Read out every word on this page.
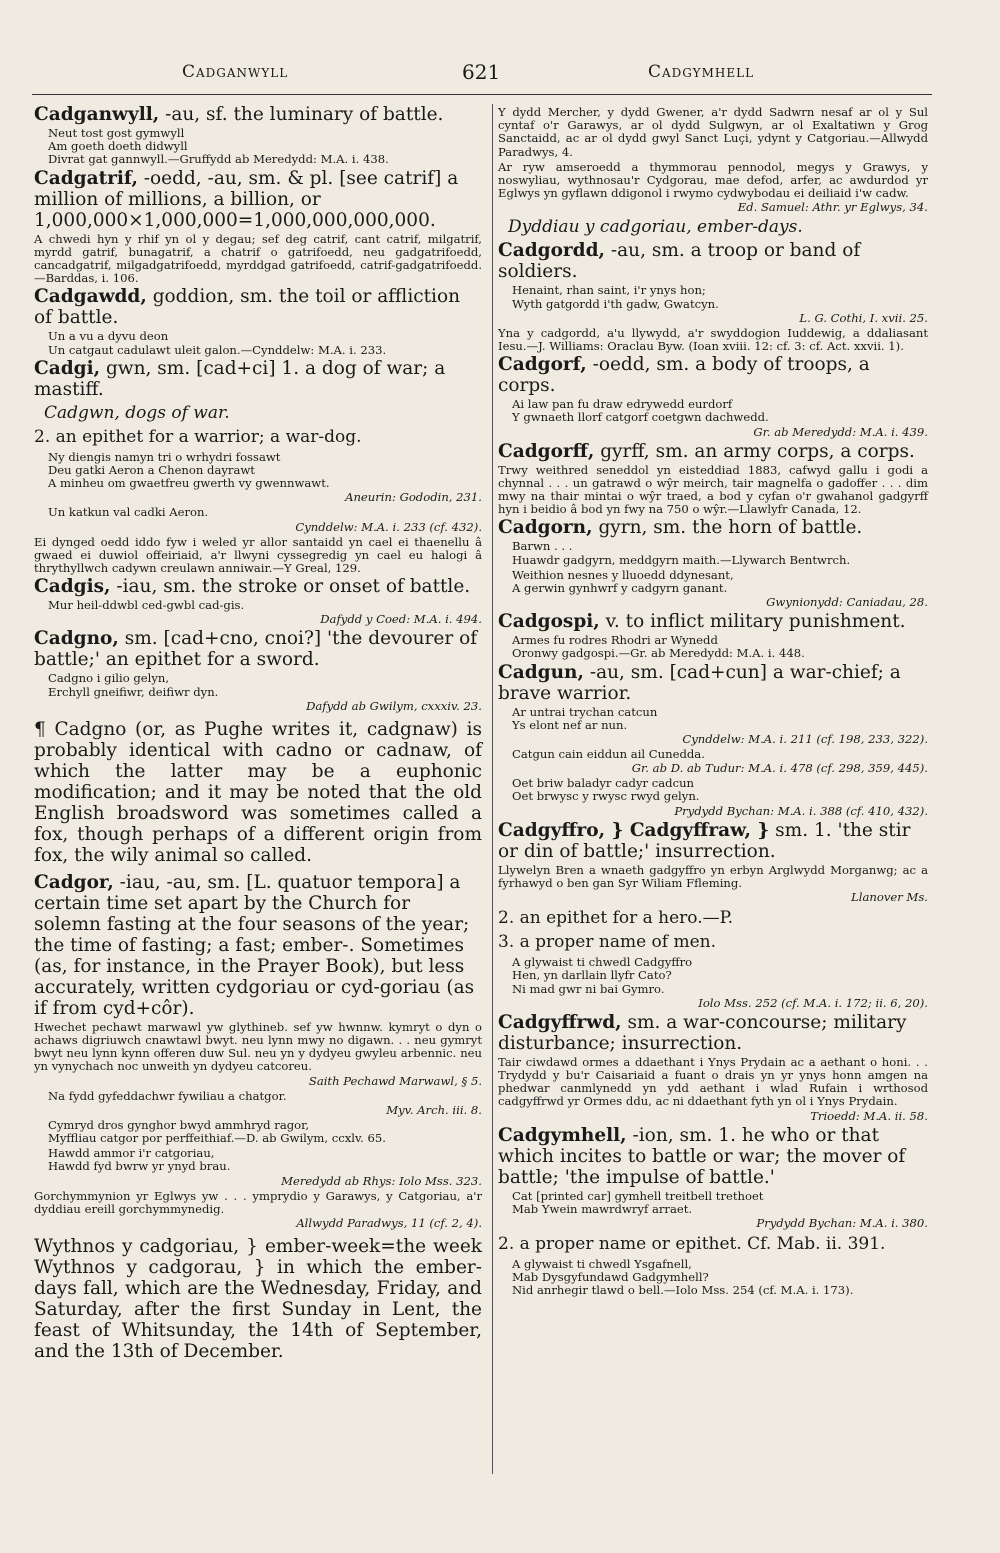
Cadganwyll	621	Cadgymhell

Cadganwyll, -au, sf. the luminary of battle.

Neut tost gost gymwyll
Am goeth doeth didwyll
Divrat gat gannwyll.—Gruffydd ab Meredydd: M.A. i. 438.

Cadgatrif, -oedd, -au, sm. & pl. [see catrif] a million of millions, a billion, or 1,000,000×1,000,000=1,000,000,000,000.

A chwedi hyn y rhif yn ol y degau; sef deg catrif, cant catrif, milgatrif, myrdd gatrif, bunagatrif, a chatrif o gatrifoedd, neu gadgatrifoedd, cancadgatrif, milgadgatrifoedd, myrddgad gatrifoedd, catrif-gadgatrifoedd.—Barddas, i. 106.

Cadgawdd, goddion, sm. the toil or affliction of battle.

Un a vu a dyvu deon
Un catgaut cadulawt uleit galon.—Cynddelw: M.A. i. 233.

Cadgi, gwn, sm. [cad+ci] 1. a dog of war; a mastiff.

Cadgwn, dogs of war.

2. an epithet for a warrior; a war-dog.

Ny diengis namyn tri o wrhydri fossawt
Deu gatki Aeron a Chenon dayrawt
A minheu om gwaetfreu gwerth vy gwennwawt.
Aneurin: Gododin, 231.
Un katkun val cadki Aeron.
Cynddelw: M.A. i. 233 (cf. 432).

Ei dynged oedd iddo fyw i weled yr allor santaidd yn cael ei thaenellu â gwaed ei duwiol offeiriaid, a'r llwyni cyssegredig yn cael eu halogi â thrythyllwch cadywn creulawn anniwair.—Y Greal, 129.

Cadgis, -iau, sm. the stroke or onset of battle.

Mur heil-ddwbl ced-gwbl cad-gis.
Dafydd y Coed: M.A. i. 494.

Cadgno, sm. [cad+cno, cnoi?] 'the devourer of battle;' an epithet for a sword.

Cadgno i gilio gelyn,
Erchyll gneifiwr, deifiwr dyn.
Dafydd ab Gwilym, cxxxiv. 23.

¶ Cadgno (or, as Pughe writes it, cadgnaw) is probably identical with cadno or cadnaw, of which the latter may be a euphonic modification; and it may be noted that the old English broadsword was sometimes called a fox, though perhaps of a different origin from fox, the wily animal so called.

Cadgor, -iau, -au, sm. [L. quatuor tempora] a certain time set apart by the Church for solemn fasting at the four seasons of the year; the time of fasting; a fast; ember-. Sometimes (as, for instance, in the Prayer Book), but less accurately, written cydgoriau or cyd-goriau (as if from cyd+côr).

Hwechet pechawt marwawl yw glythineb. sef yw hwnnw. kymryt o dyn o achaws digriuwch cnawtawl bwyt. neu lynn mwy no digawn. . . neu gymryt bwyt neu lynn kynn offeren duw Sul. neu yn y dydyeu gwyleu arbennic. neu yn vynychach noc unweith yn dydyeu catcoreu.

Saith Pechawd Marwawl, § 5.
Na fydd gyfeddachwr fywiliau a chatgor.
Myv. Arch. iii. 8.
Cymryd dros gynghor bwyd ammhryd ragor,
Myffliau catgor por perffeithiaf.—D. ab Gwilym, ccxlv. 65.
Hawdd ammor i'r catgoriau,
Hawdd fyd bwrw yr ynyd brau.
Meredydd ab Rhys: Iolo Mss. 323.

Gorchymmynion yr Eglwys yw . . . ymprydio y Garawys, y Catgoriau, a'r dyddiau ereill gorchymmynedig.

Allwydd Paradwys, 11 (cf. 2, 4).

Wythnos y cadgoriau, } ember-week=the week Wythnos y cadgorau, } in which the ember-days fall, which are the Wednesday, Friday, and Saturday, after the first Sunday in Lent, the feast of Whitsunday, the 14th of September, and the 13th of December.

Y dydd Mercher, y dydd Gwener, a'r dydd Sadwrn nesaf ar ol y Sul cyntaf o'r Garawys, ar ol dydd Sulgwyn, ar ol Exaltatiwn y Grog Sanctaidd, ac ar ol dydd gwyl Sanct Luçi, ydynt y Catgoriau.—Allwydd Paradwys, 4.

Ar ryw amseroedd a thymmorau pennodol, megys y Grawys, y noswyliau, wythnosau'r Cydgorau, mae defod, arfer, ac awdurdod yr Eglwys yn gyflawn ddigonol i rwymo cydwybodau ei deiliaid i'w cadw.

Ed. Samuel: Athr. yr Eglwys, 34.

Dyddiau y cadgoriau, ember-days.

Cadgordd, -au, sm. a troop or band of soldiers.

Henaint, rhan saint, i'r ynys hon;
Wyth gatgordd i'th gadw, Gwatcyn.
L. G. Cothi, I. xvii. 25.

Yna y cadgordd, a'u llywydd, a'r swyddogion Iuddewig, a ddaliasant Iesu.—J. Williams: Oraclau Byw. (Ioan xviii. 12: cf. 3: cf. Act. xxvii. 1).

Cadgorf, -oedd, sm. a body of troops, a corps.

Ai law pan fu draw edrywedd eurdorf
Y gwnaeth llorf catgorf coetgwn dachwedd.
Gr. ab Meredydd: M.A. i. 439.

Cadgorff, gyrff, sm. an army corps, a corps.

Trwy weithred seneddol yn eisteddiad 1883, cafwyd gallu i godi a chynnal . . . un gatrawd o wŷr meirch, tair magnelfa o gadoffer . . . dim mwy na thair mintai o wŷr traed, a bod y cyfan o'r gwahanol gadgyrff hyn i beidio â bod yn fwy na 750 o wŷr.—Llawlyfr Canada, 12.

Cadgorn, gyrn, sm. the horn of battle.

Barwn . . .
Huawdr gadgyrn, meddgyrn maith.—Llywarch Bentwrch.
Weithion nesnes y lluoedd ddynesant,
A gerwin gynhwrf y cadgyrn ganant.
Gwynionydd: Caniadau, 28.

Cadgospi, v. to inflict military punishment.

Armes fu rodres Rhodri ar Wynedd
Oronwy gadgospi.—Gr. ab Meredydd: M.A. i. 448.

Cadgun, -au, sm. [cad+cun] a war-chief; a brave warrior.

Ar untrai trychan catcun
Ys elont nef ar nun.
Cynddelw: M.A. i. 211 (cf. 198, 233, 322).
Catgun cain eiddun ail Cunedda.
Gr. ab D. ab Tudur: M.A. i. 478 (cf. 298, 359, 445).
Oet briw baladyr cadyr cadcun
Oet brwysc y rwysc rwyd gelyn.
Prydydd Bychan: M.A. i. 388 (cf. 410, 432).

Cadgyffro, } Cadgyffraw, } sm. 1. 'the stir or din of battle;' insurrection.

Llywelyn Bren a wnaeth gadgyffro yn erbyn Arglwydd Morganwg; ac a fyrhawyd o ben gan Syr Wiliam Ffleming.

Llanover Ms.

2. an epithet for a hero.—P.

3. a proper name of men.

A glywaist ti chwedl Cadgyffro
Hen, yn darllain llyfr Cato?
Ni mad gwr ni bai Gymro.
Iolo Mss. 252 (cf. M.A. i. 172; ii. 6, 20).

Cadgyffrwd, sm. a war-concourse; military disturbance; insurrection.

Tair ciwdawd ormes a ddaethant i Ynys Prydain ac a aethant o honi. . . Trydydd y bu'r Caisariaid a fuant o drais yn yr ynys honn amgen na phedwar canmlynedd yn ydd aethant i wlad Rufain i wrthosod cadgyffrwd yr Ormes ddu, ac ni ddaethant fyth yn ol i Ynys Prydain.

Trioedd: M.A. ii. 58.

Cadgymhell, -ion, sm. 1. he who or that which incites to battle or war; the mover of battle; 'the impulse of battle.'

Cat [printed car] gymhell treitbell trethoet
Mab Ywein mawrdwryf arraet.
Prydydd Bychan: M.A. i. 380.

2. a proper name or epithet. Cf. Mab. ii. 391.

A glywaist ti chwedl Ysgafnell,
Mab Dysgyfundawd Gadgymhell?
Nid anrhegir tlawd o bell.—Iolo Mss. 254 (cf. M.A. i. 173).
